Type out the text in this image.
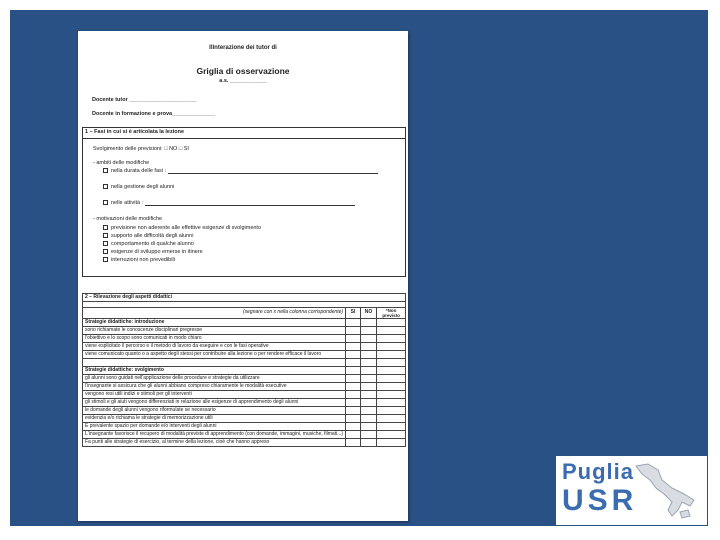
Illnterazione dei tutor di
Griglia di osservazione
a.s. ____________
Docente tutor ______________________
Docente in formazione e prova______________
1 – Fasi in cui si è articolata la lezione
Svolgimento delle previsioni: □ NO □ SI
- ambiti delle modifiche
nella durata delle fasi :
nella gestione degli alunni
nelle attività :
- motivazioni delle modifiche
previsione non aderente alle effettive esigenze di svolgimento
supporto alle difficoltà degli alunni
comportamento di qualche alunno
esigenze di sviluppo emerse in itinere
interruzioni non prevedibili
2 – Rilevazione degli aspetti didattici			

(segnare con x nella colonna corrispondente)	SI	NO	*Non previsto
Strategie didattiche: introduzione			
sono richiamate le conoscenze disciplinari pregresse			
l'obiettivo e lo scopo sono comunicati in modo chiaro			
viene esplicitato il percorso e il metodo di lavoro da eseguire e con le fasi operative			
viene comunicato quanto o a aspetto degli stessi per contribuire alla lezione o per rendere efficace il lavoro			

Strategie didattiche: svolgimento			
gli alunni sono guidati nell'applicazione delle procedure e strategie da utilizzare			
l'insegnante si assicura che gli alunni abbiano compreso chiaramente le modalità esecutive			
vengono resi utili indizi e stimoli per gli interventi			
gli stimoli e gli aiuti vengono differenziati in relazione alle esigenze di apprendimento degli alunni			
le domande degli alunni vengono riformulate se necessario			
evidenzia e/o richiama le strategie di memorizzazione utili			
È prevalente spazio per domande e/o interventi degli alunni			
L'insegnante favorisce il recupero di modalità previste di apprendimento (con domande, immagini, musiche, filmati...)			
Fa punti alle strategie di esercizio, al termine della lezione, cioè che hanno appreso			
Puglia
USR
